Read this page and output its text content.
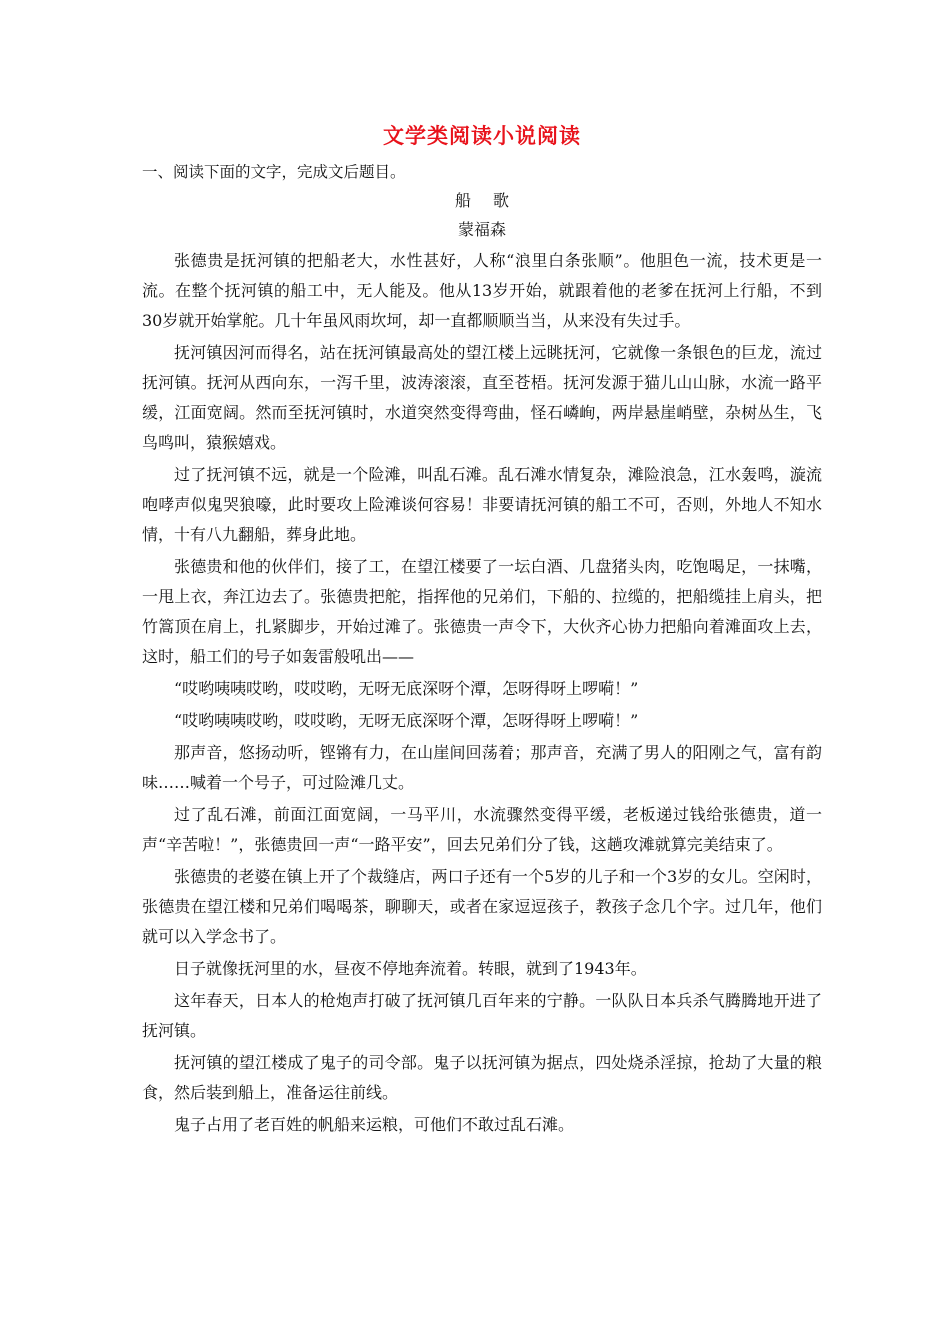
文学类阅读小说阅读

一、阅读下面的文字，完成文后题目。

船歌

蒙福森

张德贵是抚河镇的把船老大，水性甚好，人称“浪里白条张顺”。他胆色一流，技术更是一流。在整个抚河镇的船工中，无人能及。他从13岁开始，就跟着他的老爹在抚河上行船，不到30岁就开始掌舵。几十年虽风雨坎坷，却一直都顺顺当当，从来没有失过手。

抚河镇因河而得名，站在抚河镇最高处的望江楼上远眺抚河，它就像一条银色的巨龙，流过抚河镇。抚河从西向东，一泻千里，波涛滚滚，直至苍梧。抚河发源于猫儿山山脉，水流一路平缓，江面宽阔。然而至抚河镇时，水道突然变得弯曲，怪石嶙峋，两岸悬崖峭壁，杂树丛生，飞鸟鸣叫，猿猴嬉戏。

过了抚河镇不远，就是一个险滩，叫乱石滩。乱石滩水情复杂，滩险浪急，江水轰鸣，漩流咆哮声似鬼哭狼嚎，此时要攻上险滩谈何容易！非要请抚河镇的船工不可，否则，外地人不知水情，十有八九翻船，葬身此地。

张德贵和他的伙伴们，接了工，在望江楼要了一坛白酒、几盘猪头肉，吃饱喝足，一抹嘴，一甩上衣，奔江边去了。张德贵把舵，指挥他的兄弟们，下船的、拉缆的，把船缆挂上肩头，把竹篙顶在肩上，扎紧脚步，开始过滩了。张德贵一声令下，大伙齐心协力把船向着滩面攻上去，这时，船工们的号子如轰雷般吼出——

“哎哟咦咦哎哟，哎哎哟，无呀无底深呀个潭，怎呀得呀上啰嗬！”

“哎哟咦咦哎哟，哎哎哟，无呀无底深呀个潭，怎呀得呀上啰嗬！”

那声音，悠扬动听，铿锵有力，在山崖间回荡着；那声音，充满了男人的阳刚之气，富有韵味……喊着一个号子，可过险滩几丈。

过了乱石滩，前面江面宽阔，一马平川，水流骤然变得平缓，老板递过钱给张德贵，道一声“辛苦啦！”，张德贵回一声“一路平安”，回去兄弟们分了钱，这趟攻滩就算完美结束了。

张德贵的老婆在镇上开了个裁缝店，两口子还有一个5岁的儿子和一个3岁的女儿。空闲时，张德贵在望江楼和兄弟们喝喝茶，聊聊天，或者在家逗逗孩子，教孩子念几个字。过几年，他们就可以入学念书了。

日子就像抚河里的水，昼夜不停地奔流着。转眼，就到了1943年。

这年春天，日本人的枪炮声打破了抚河镇几百年来的宁静。一队队日本兵杀气腾腾地开进了抚河镇。

抚河镇的望江楼成了鬼子的司令部。鬼子以抚河镇为据点，四处烧杀淫掠，抢劫了大量的粮食，然后装到船上，准备运往前线。

鬼子占用了老百姓的帆船来运粮，可他们不敢过乱石滩。
